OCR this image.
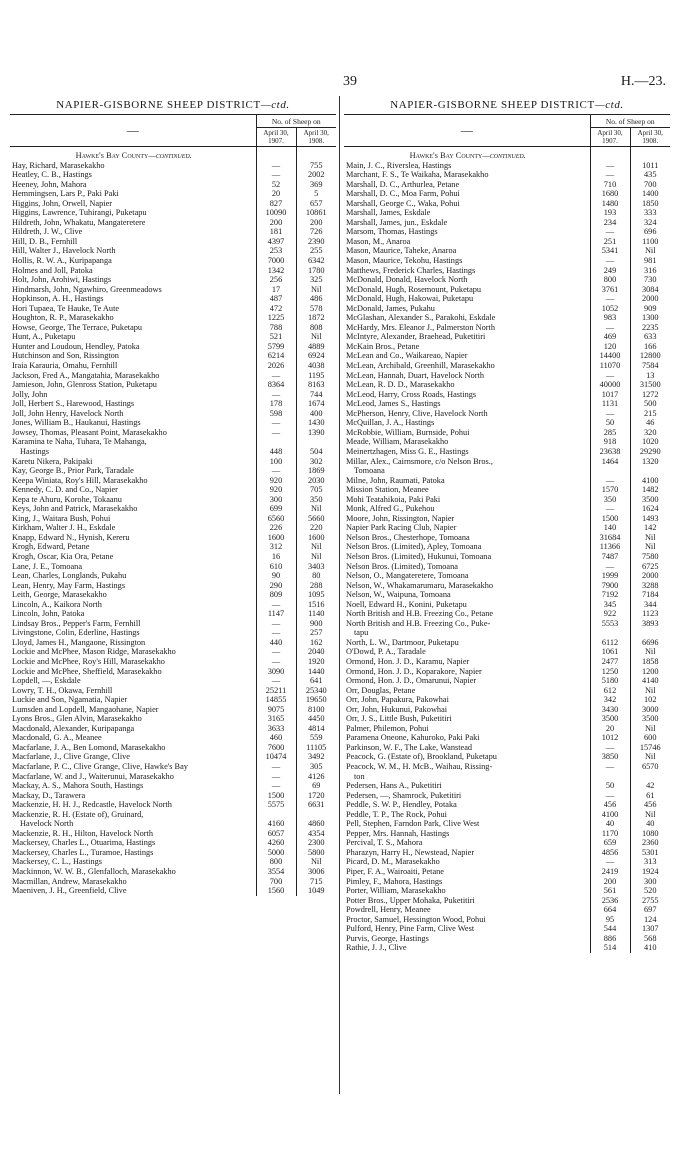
39	H.—23.
NAPIER-GISBORNE SHEEP DISTRICT—ctd.
—	No. of Sheep on	
	April 30, 1907.	April 30, 1908.
Hawke's Bay County—continued.		
Hay, Richard, Marasekakho	—	755
Heatley, C. B., Hastings	—	2002
Heeney, John, Mahora	52	369
Hemmingsen, Lars P., Paki Paki	20	5
Higgins, John, Orwell, Napier	827	657
Higgins, Lawrence, Tuhirangi, Puketapu	10090	10861
Hildreth, John, Whakatu, Mangateretere	200	200
Hildreth, J. W., Clive	181	726
Hill, D. B., Fernhill	4397	2390
Hill, Walter J., Havelock North	253	255
Hollis, R. W. A., Kuripapanga	7000	6342
Holmes and Joll, Patoka	1342	1780
Holt, John, Arohiwi, Hastings	256	325
Hindmarsh, John, Ngawhiro, Greenmeadows	17	Nil
Hopkinson, A. H., Hastings	487	486
Hori Tupaea, Te Hauke, Te Aute	472	578
Houghton, R. P., Marasekakho	1225	1872
Howse, George, The Terrace, Puketapu	788	808
Hunt, A., Puketapu	521	Nil
Hunter and Loudoun, Hendley, Patoka	5799	4889
Hutchinson and Son, Rissington	6214	6924
Iraia Karauria, Omahu, Fernhill	2026	4038
Jackson, Fred A., Mangatahia, Marasekakho	—	1195
Jamieson, John, Glenross Station, Puketapu	8364	8163
Jolly, John	—	744
Joll, Herbert S., Harewood, Hastings	178	1674
Joll, John Henry, Havelock North	598	400
Jones, William B., Haukanui, Hastings	—	1430
Jowsey, Thomas, Pleasant Point, Marasekakho	—	1390
Karamina te Naha, Tuhara, Te Mahanga,		
Hastings	448	504
Karetu Nikera, Pakipaki	100	302
Kay, George B., Prior Park, Taradale	—	1869
Keepa Winiata, Roy's Hill, Marasekakho	920	2030
Kennedy, C. D. and Co., Napier	920	705
Kepa te Ahuru, Korohe, Tokaanu	300	350
Keys, John and Patrick, Marasekakho	699	Nil
King, J., Waitara Bush, Pohui	6560	5660
Kirkham, Walter J. H., Eskdale	226	220
Knapp, Edward N., Hynish, Kereru	1600	1600
Krogh, Edward, Petane	312	Nil
Krogh, Oscar, Kia Ora, Petane	16	Nil
Lane, J. E., Tomoana	610	3403
Lean, Charles, Longlands, Pukahu	90	80
Lean, Henry, May Farm, Hastings	290	288
Leith, George, Marasekakho	809	1095
Lincoln, A., Kaikora North	—	1516
Lincoln, John, Patoka	1147	1140
Lindsay Bros., Pepper's Farm, Fernhill	—	900
Livingstone, Colin, Ederline, Hastings	—	257
Lloyd, James H., Mangaone, Rissington	440	162
Lockie and McPhee, Mason Ridge, Marasekakho	—	2040
Lockie and McPhee, Roy's Hill, Marasekakho	—	1920
Lockie and McPhee, Sheffield, Marasekakho	3090	1440
Lopdell, —, Eskdale	—	641
Lowry, T. H., Okawa, Fernhill	25211	25340
Luckie and Son, Ngamatia, Napier	14855	19650
Lumsden and Lopdell, Mangaohane, Napier	9075	8100
Lyons Bros., Glen Alvin, Marasekakho	3165	4450
Macdonald, Alexander, Kuripapanga	3633	4814
Macdonald, G. A., Meanee	460	559
Macfarlane, J. A., Ben Lomond, Marasekakho	7600	11105
Macfarlane, J., Clive Grange, Clive	10474	3492
Macfarlane, P. C., Clive Grange, Clive, Hawke's Bay	—	305
Macfarlane, W. and J., Waiterunui, Marasekakho	—	4126
Mackay, A. S., Mahora South, Hastings	—	69
Mackay, D., Tarawera	1500	1720
Mackenzie, H. H. J., Redcastle, Havelock North	5575	6631
Mackenzie, R. H. (Estate of), Gruinard,		
Havelock North	4160	4860
Mackenzie, R. H., Hilton, Havelock North	6057	4354
Mackersey, Charles L., Otuarima, Hastings	4260	2300
Mackersey, Charles L., Turamoe, Hastings	5000	5800
Mackersey, C. L., Hastings	800	Nil
Mackinnon, W. W. B., Glenfalloch, Marasekakho	3554	3006
Macmillan, Andrew, Marasekakho	700	715
Maeniven, J. H., Greenfield, Clive	1560	1049
NAPIER-GISBORNE SHEEP DISTRICT—ctd.
—	No. of Sheep on	
	April 30, 1907.	April 30, 1908.
Hawke's Bay County—continued.		
Main, J. C., Riverslea, Hastings	—	1011
Marchant, F. S., Te Waikaha, Marasekakho	—	435
Marshall, D. C., Arthurlea, Petane	710	700
Marshall, D. C., Moa Farm, Pohui	1680	1400
Marshall, George C., Waka, Pohui	1480	1850
Marshall, James, Eskdale	193	333
Marshall, James, jun., Eskdale	234	324
Marsom, Thomas, Hastings	—	696
Mason, M., Anaroa	251	1100
Mason, Maurice, Taheke, Anaroa	5341	Nil
Mason, Maurice, Tekohu, Hastings	—	981
Matthews, Frederick Charles, Hastings	249	316
McDonald, Donald, Havelock North	800	730
McDonald, Hugh, Rosemount, Puketapu	3761	3084
McDonald, Hugh, Hakowai, Puketapu	—	2000
McDonald, James, Pukahu	1052	909
McGlashan, Alexander S., Parakohi, Eskdale	983	1300
McHardy, Mrs. Eleanor J., Palmerston North	—	2235
McIntyre, Alexander, Braehead, Puketitiri	469	633
McKain Bros., Petane	120	166
McLean and Co., Waikareao, Napier	14400	12800
McLean, Archibald, Greenhill, Marasekakho	11070	7584
McLean, Hannah, Duart, Havelock North	—	13
McLean, R. D. D., Marasekakho	40000	31500
McLeod, Harry, Cross Roads, Hastings	1017	1272
McLeod, James S., Hastings	1131	500
McPherson, Henry, Clive, Havelock North	—	215
McQuillan, J. A., Hastings	50	46
McRobbie, William, Burnside, Pohui	285	320
Meade, William, Marasekakho	918	1020
Meinertzhagen, Miss G. E., Hastings	23638	29290
Millar, Alex., Cairnsmore, c/o Nelson Bros.,	1464	1320
Tomoana		
Milne, John, Raumati, Patoka	—	4100
Mission Station, Meanee	1570	1482
Mohi Teatahikoia, Paki Paki	350	3500
Monk, Alfred G., Pukehou	—	1624
Moore, John, Rissington, Napier	1500	1493
Napier Park Racing Club, Napier	140	142
Nelson Bros., Chesterhope, Tomoana	31684	Nil
Nelson Bros. (Limited), Apley, Tomoana	11366	Nil
Nelson Bros. (Limited), Hukunui, Tomoana	7487	7580
Nelson Bros. (Limited), Tomoana	—	6725
Nelson, O., Mangateretere, Tomoana	1999	2000
Nelson, W., Whakamarumaru, Marasekakho	7900	3288
Nelson, W., Waipuna, Tomoana	7192	7184
Noell, Edward H., Konini, Puketapu	345	344
North British and H.B. Freezing Co., Petane	922	1123
North British and H.B. Freezing Co., Puke-	5553	3893
tapu		
North, L. W., Dartmoor, Puketapu	6112	6696
O'Dowd, P. A., Taradale	1061	Nil
Ormond, Hon. J. D., Karamu, Napier	2477	1858
Ormond, Hon. J. D., Koparakore, Napier	1250	1200
Ormond, Hon. J. D., Omarunui, Napier	5180	4140
Orr, Douglas, Petane	612	Nil
Orr, John, Papakura, Pakowhai	342	102
Orr, John, Hukunui, Pakowhai	3430	3000
Orr, J. S., Little Bush, Puketitiri	3500	3500
Palmer, Philemon, Pohui	20	Nil
Paramena Oneone, Kahuroko, Paki Paki	1012	600
Parkinson, W. F., The Lake, Wanstead	—	15746
Peacock, G. (Estate of), Brookland, Puketapu	3850	Nil
Peacock, W. M., H. McB., Waihau, Rissing-	—	6570
ton		
Pedersen, Hans A., Puketitiri	50	42
Pedersen, —, Shamrock, Puketitiri	—	61
Peddle, S. W. P., Hendley, Potaka	456	456
Peddle, T. P., The Rock, Pohui	4100	Nil
Pell, Stephen, Farndon Park, Clive West	40	40
Pepper, Mrs. Hannah, Hastings	1170	1080
Percival, T. S., Mahora	659	2360
Pharazyn, Harry H., Newstead, Napier	4856	5301
Picard, D. M., Marasekakho	—	313
Piper, F. A., Wairoaiti, Petane	2419	1924
Pimley, F., Mahora, Hastings	200	300
Porter, William, Marasekakho	561	520
Potter Bros., Upper Mohaka, Puketitiri	2536	2755
Powdrell, Henry, Meanee	664	697
Proctor, Samuel, Hessington Wood, Pohui	95	124
Pulford, Henry, Pine Farm, Clive West	544	1307
Purvis, George, Hastings	886	568
Rathie, J. J., Clive	514	410
